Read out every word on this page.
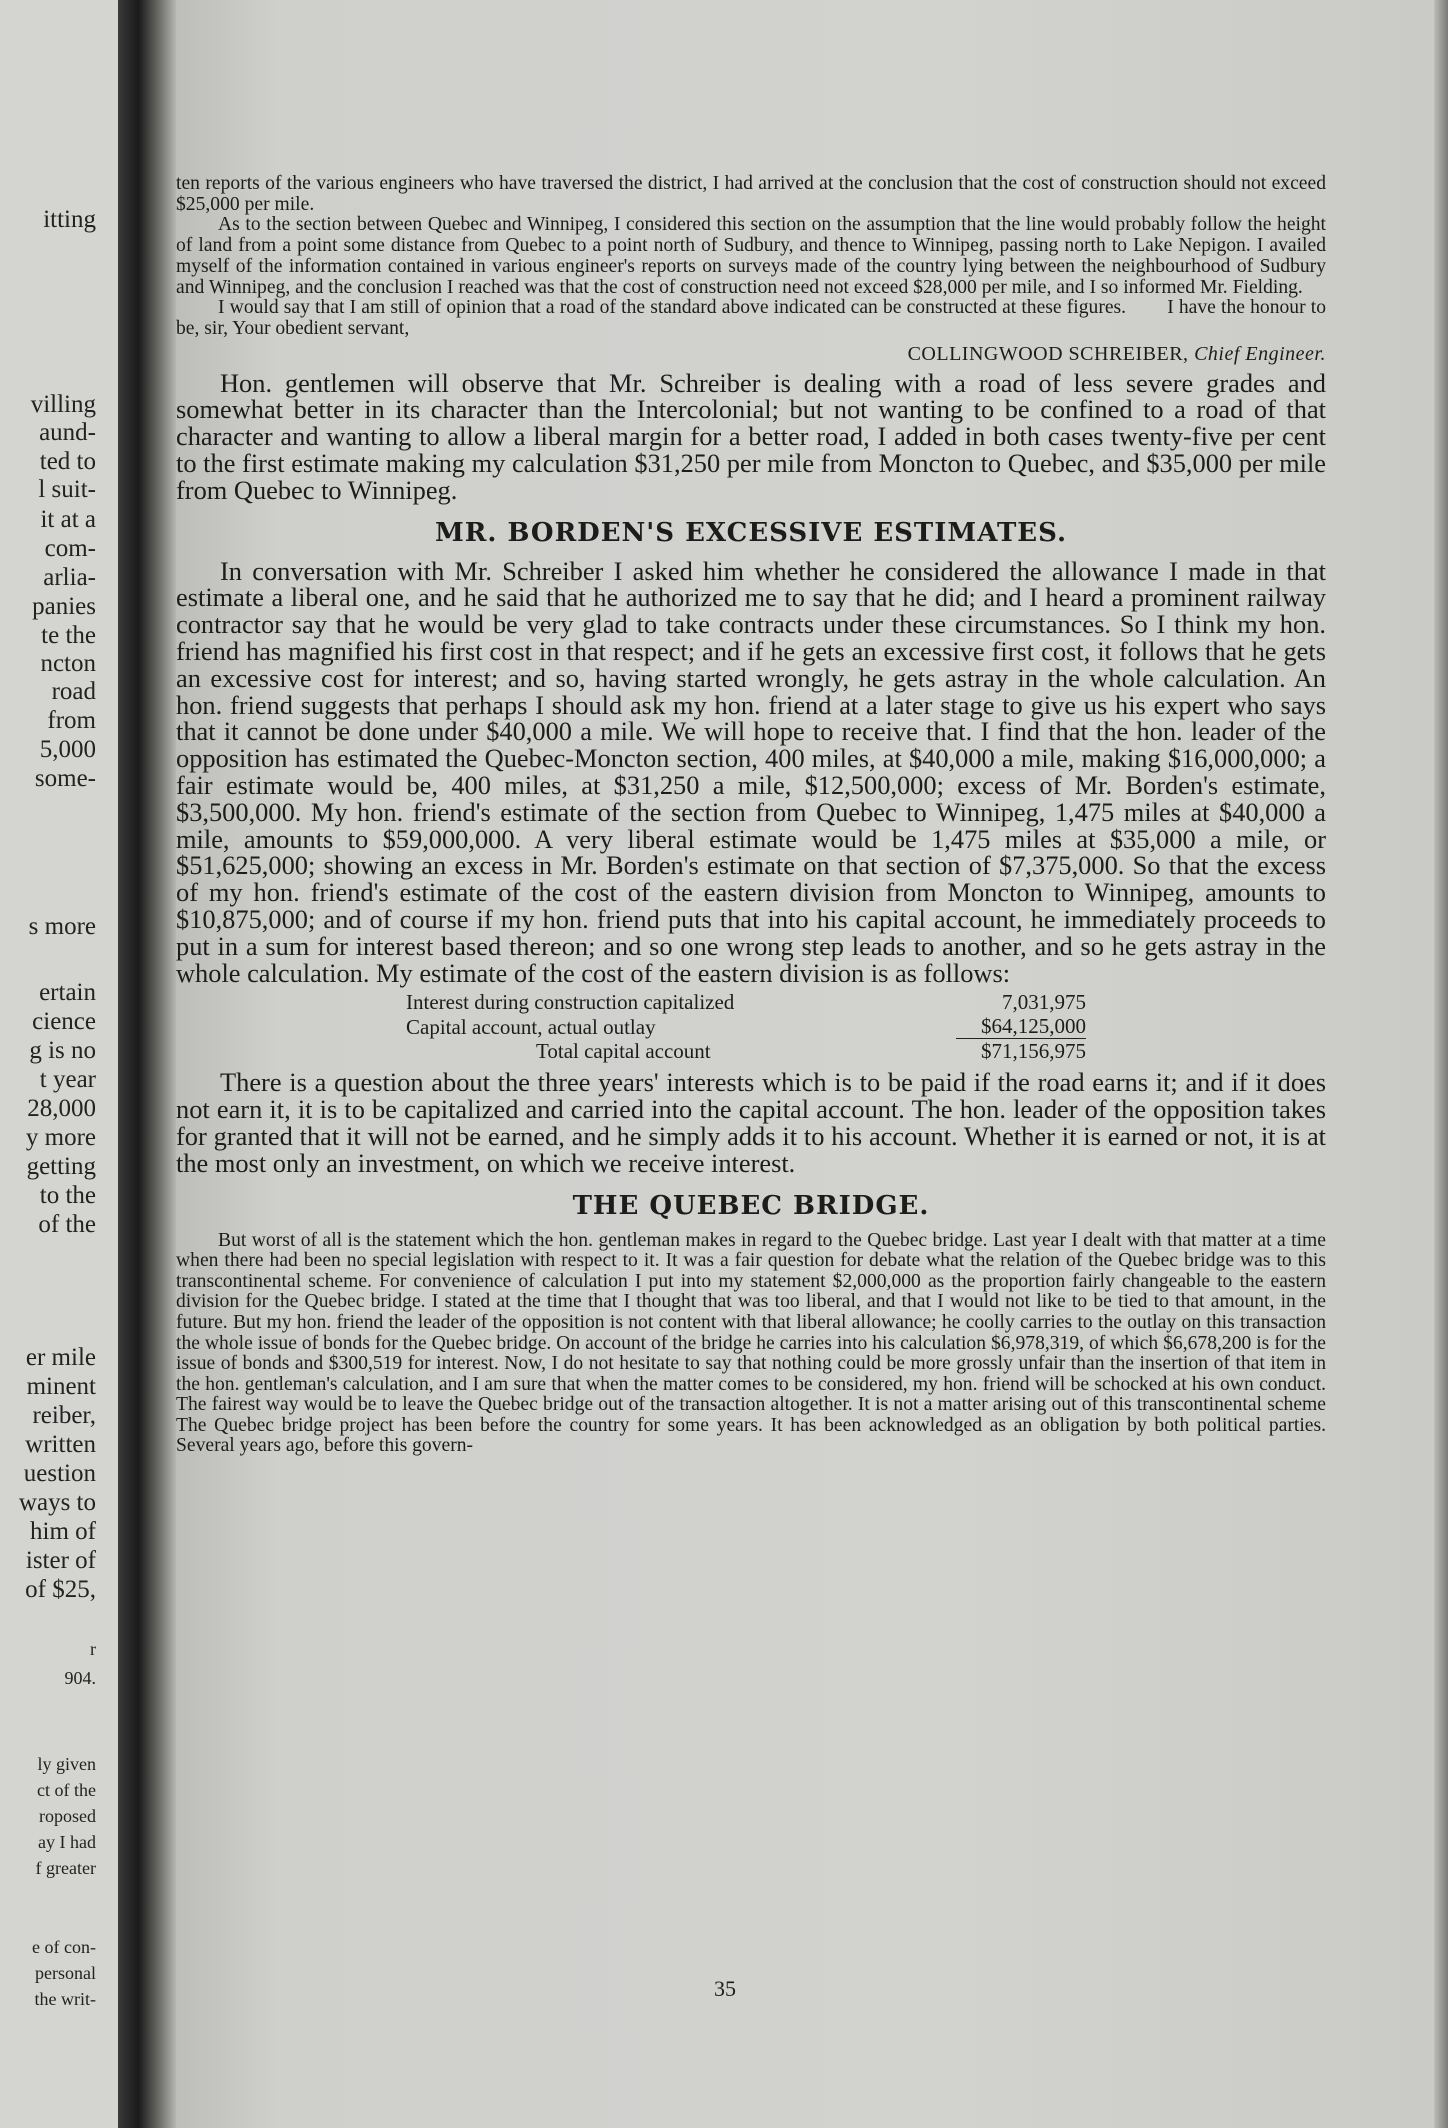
itting
villing
aund-
ted to
l suit-
it at a
com-
arlia-
panies
te the
ncton
road
from
5,000
some-
s more
ertain
cience
g is no
t year
28,000
y more
getting
to the
of the
er mile
minent
reiber,
written
uestion
ways to
him of
ister of
of $25,
r
904.
ly given
ct of the
roposed
ay I had
f greater
e of con-
personal
the writ-

ten reports of the various engineers who have traversed the district, I had arrived at the conclusion that the cost of construction should not exceed $25,000 per mile.

As to the section between Quebec and Winnipeg, I considered this section on the assumption that the line would probably follow the height of land from a point some distance from Quebec to a point north of Sudbury, and thence to Winnipeg, passing north to Lake Nepigon. I availed myself of the information contained in various engineer's reports on surveys made of the country lying between the neighbourhood of Sudbury and Winnipeg, and the conclusion I reached was that the cost of construction need not exceed $28,000 per mile, and I so informed Mr. Fielding.

I would say that I am still of opinion that a road of the standard above indicated can be constructed at these figures. I have the honour to be, sir, Your obedient servant,

COLLINGWOOD SCHREIBER, Chief Engineer.

Hon. gentlemen will observe that Mr. Schreiber is dealing with a road of less severe grades and somewhat better in its character than the Intercolonial; but not wanting to be confined to a road of that character and wanting to allow a liberal margin for a better road, I added in both cases twenty-five per cent to the first estimate making my calculation $31,250 per mile from Moncton to Quebec, and $35,000 per mile from Quebec to Winnipeg.

MR. BORDEN'S EXCESSIVE ESTIMATES.

In conversation with Mr. Schreiber I asked him whether he considered the allowance I made in that estimate a liberal one, and he said that he authorized me to say that he did; and I heard a prominent railway contractor say that he would be very glad to take contracts under these circumstances. So I think my hon. friend has magnified his first cost in that respect; and if he gets an excessive first cost, it follows that he gets an excessive cost for interest; and so, having started wrongly, he gets astray in the whole calculation. An hon. friend suggests that perhaps I should ask my hon. friend at a later stage to give us his expert who says that it cannot be done under $40,000 a mile. We will hope to receive that. I find that the hon. leader of the opposition has estimated the Quebec-Moncton section, 400 miles, at $40,000 a mile, making $16,000,000; a fair estimate would be, 400 miles, at $31,250 a mile, $12,500,000; excess of Mr. Borden's estimate, $3,500,000. My hon. friend's estimate of the section from Quebec to Winnipeg, 1,475 miles at $40,000 a mile, amounts to $59,000,000. A very liberal estimate would be 1,475 miles at $35,000 a mile, or $51,625,000; showing an excess in Mr. Borden's estimate on that section of $7,375,000. So that the excess of my hon. friend's estimate of the cost of the eastern division from Moncton to Winnipeg, amounts to $10,875,000; and of course if my hon. friend puts that into his capital account, he immediately proceeds to put in a sum for interest based thereon; and so one wrong step leads to another, and so he gets astray in the whole calculation. My estimate of the cost of the eastern division is as follows:

Interest during construction capitalized	7,031,975
Capital account, actual outlay	$64,125,000
Total capital account	$71,156,975

There is a question about the three years' interests which is to be paid if the road earns it; and if it does not earn it, it is to be capitalized and carried into the capital account. The hon. leader of the opposition takes for granted that it will not be earned, and he simply adds it to his account. Whether it is earned or not, it is at the most only an investment, on which we receive interest.

THE QUEBEC BRIDGE.

But worst of all is the statement which the hon. gentleman makes in regard to the Quebec bridge. Last year I dealt with that matter at a time when there had been no special legislation with respect to it. It was a fair question for debate what the relation of the Quebec bridge was to this transcontinental scheme. For convenience of calculation I put into my statement $2,000,000 as the proportion fairly changeable to the eastern division for the Quebec bridge. I stated at the time that I thought that was too liberal, and that I would not like to be tied to that amount, in the future. But my hon. friend the leader of the opposition is not content with that liberal allowance; he coolly carries to the outlay on this transaction the whole issue of bonds for the Quebec bridge. On account of the bridge he carries into his calculation $6,978,319, of which $6,678,200 is for the issue of bonds and $300,519 for interest. Now, I do not hesitate to say that nothing could be more grossly unfair than the insertion of that item in the hon. gentleman's calculation, and I am sure that when the matter comes to be considered, my hon. friend will be schocked at his own conduct. The fairest way would be to leave the Quebec bridge out of the transaction altogether. It is not a matter arising out of this transcontinental scheme The Quebec bridge project has been before the country for some years. It has been acknowledged as an obligation by both political parties. Several years ago, before this govern-

35
